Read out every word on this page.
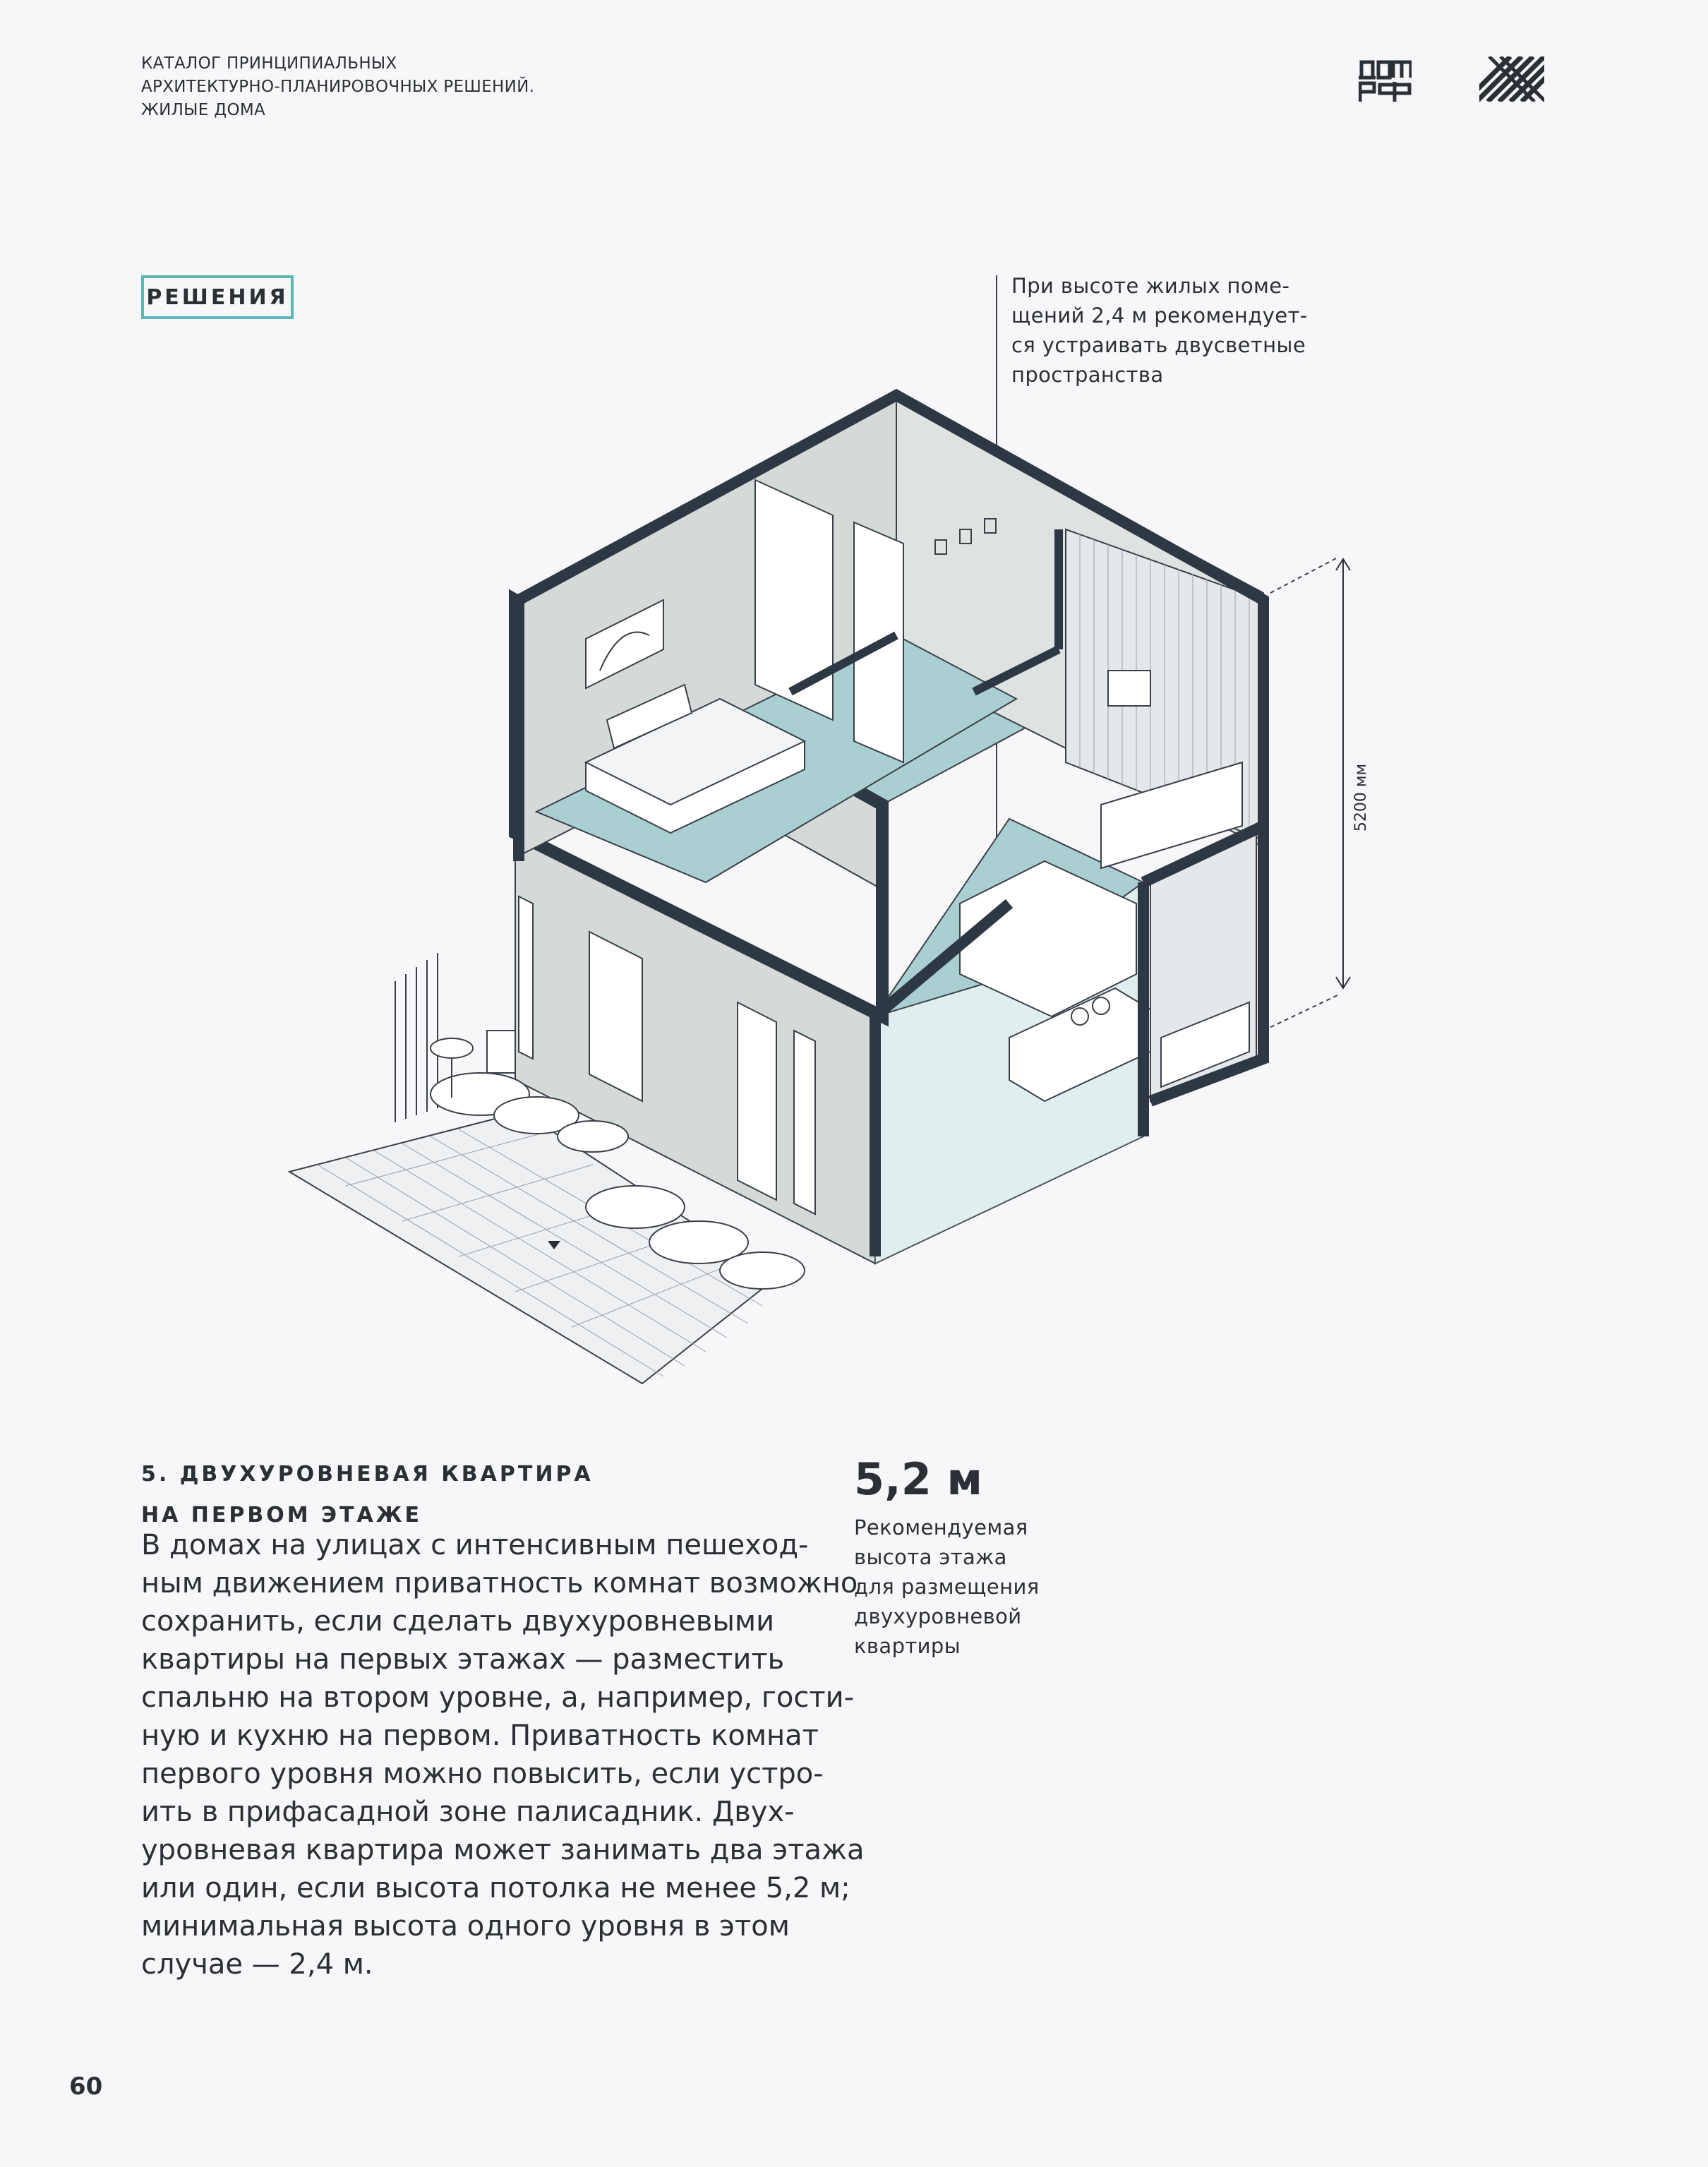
КАТАЛОГ ПРИНЦИПИАЛЬНЫХ
АРХИТЕКТУРНО-ПЛАНИРОВОЧНЫХ РЕШЕНИЙ.
ЖИЛЫЕ ДОМА
РЕШЕНИЯ	При высоте жилых поме-
щений 2,4 м рекомендует-
ся устраивать двусветные
пространства
5200 мм
5. ДВУХУРОВНЕВАЯ КВАРТИРА
НА ПЕРВОМ ЭТАЖЕ
В домах на улицах с интенсивным пешеход-
ным движением приватность комнат возможно
сохранить, если сделать двухуровневыми
квартиры на первых этажах — разместить
спальню на втором уровне, а, например, гости-
ную и кухню на первом. Приватность комнат
первого уровня можно повысить, если устро-
ить в прифасадной зоне палисадник. Двух-
уровневая квартира может занимать два этажа
или один, если высота потолка не менее 5,2 м;
минимальная высота одного уровня в этом
случае — 2,4 м.
5,2 м
Рекомендуемая
высота этажа
для размещения
двухуровневой
квартиры
60
